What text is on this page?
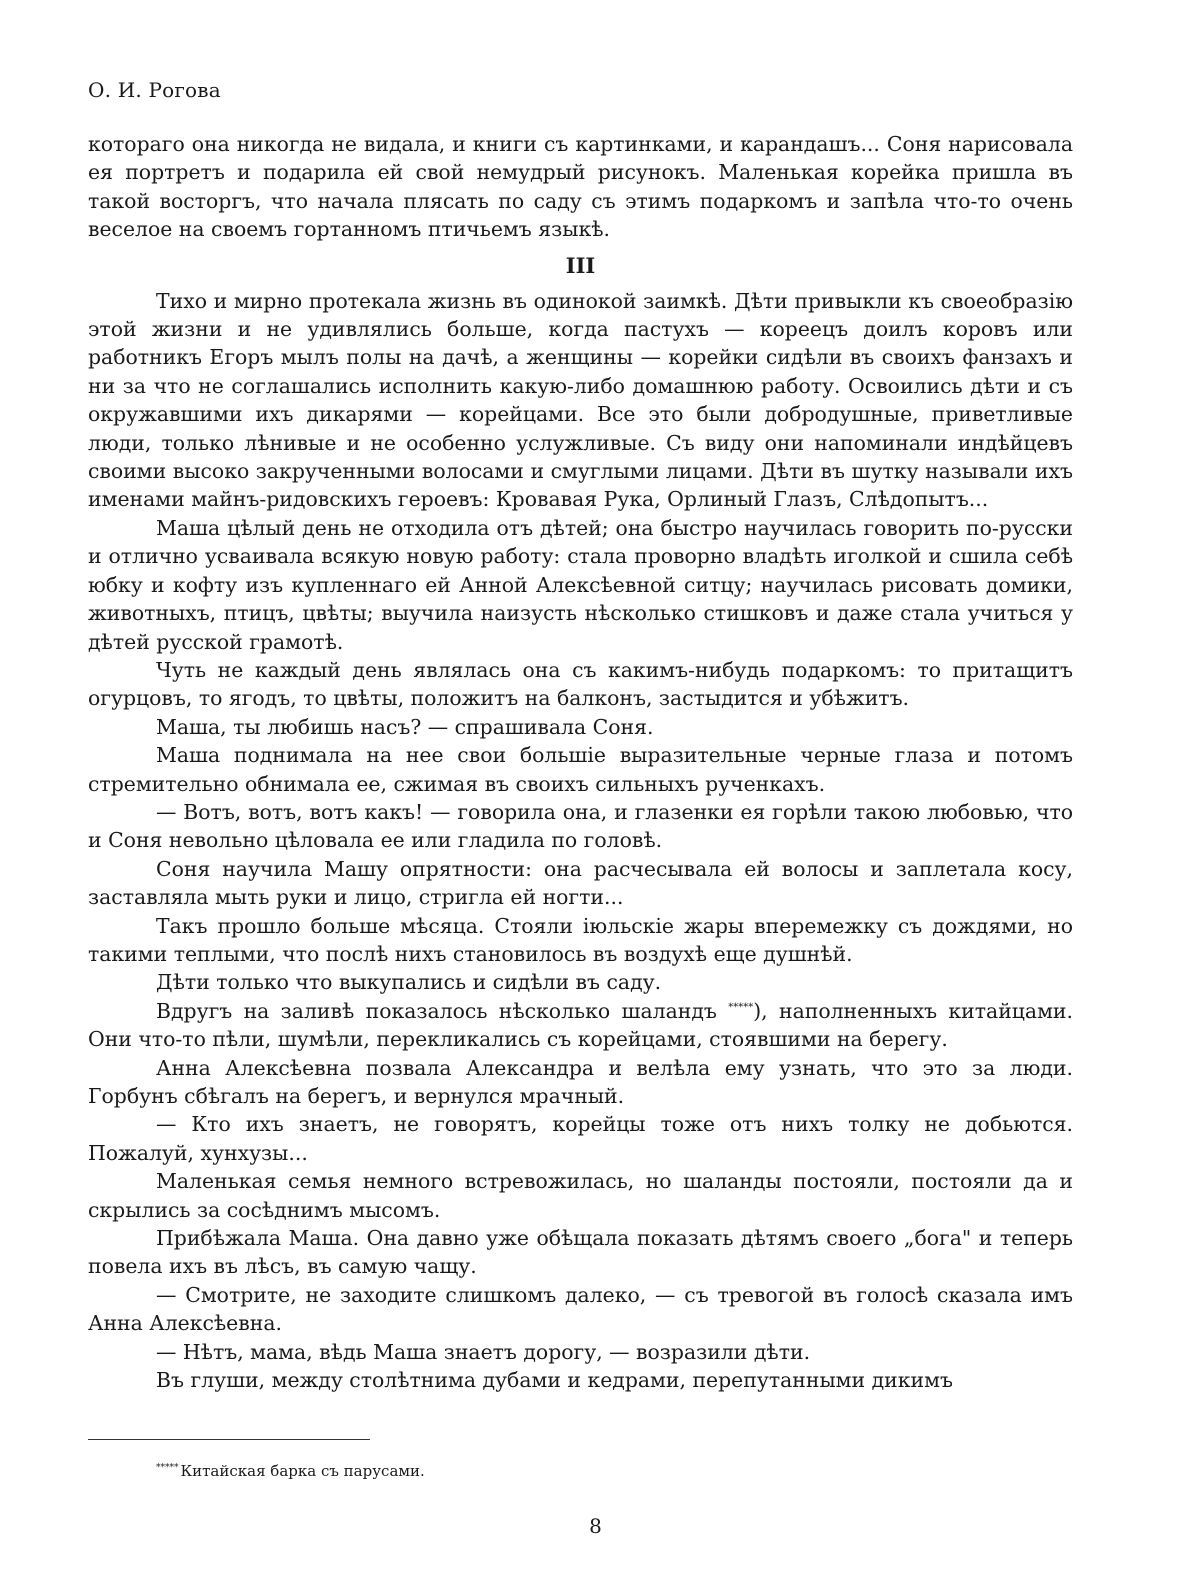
О. И. Рогова

котораго она никогда не видала, и книги съ картинками, и карандашъ... Соня нарисовала ея портретъ и подарила ей свой немудрый рисунокъ. Маленькая корейка пришла въ такой восторгъ, что начала плясать по саду съ этимъ подаркомъ и запѣла что-то очень веселое на своемъ гортанномъ птичьемъ языкѣ.

III

Тихо и мирно протекала жизнь въ одинокой заимкѣ. Дѣти привыкли къ своеобразію этой жизни и не удивлялись больше, когда пастухъ — кореецъ доилъ коровъ или работникъ Егоръ мылъ полы на дачѣ, а женщины — корейки сидѣли въ своихъ фанзахъ и ни за что не соглашались исполнить какую-либо домашнюю работу. Освоились дѣти и съ окружавшими ихъ дикарями — корейцами. Все это были добродушные, приветливые люди, только лѣнивые и не особенно услужливые. Съ виду они напоминали индѣйцевъ своими высоко закрученными волосами и смуглыми лицами. Дѣти въ шутку называли ихъ именами майнъ-ридовскихъ героевъ: Кровавая Рука, Орлиный Глазъ, Слѣдопытъ...

Маша цѣлый день не отходила отъ дѣтей; она быстро научилась говорить по-русски и отлично усваивала всякую новую работу: стала проворно владѣть иголкой и сшила себѣ юбку и кофту изъ купленнаго ей Анной Алексѣевной ситцу; научилась рисовать домики, животныхъ, птицъ, цвѣты; выучила наизусть нѣсколько стишковъ и даже стала учиться у дѣтей русской грамотѣ.

Чуть не каждый день являлась она съ какимъ-нибудь подаркомъ: то притащитъ огурцовъ, то ягодъ, то цвѣты, положитъ на балконъ, застыдится и убѣжитъ.

Маша, ты любишь насъ? — спрашивала Соня.

Маша поднимала на нее свои большіе выразительные черные глаза и потомъ стремительно обнимала ее, сжимая въ своихъ сильныхъ рученкахъ.

— Вотъ, вотъ, вотъ какъ! — говорила она, и глазенки ея горѣли такою любовью, что и Соня невольно цѣловала ее или гладила по головѣ.

Соня научила Машу опрятности: она расчесывала ей волосы и заплетала косу, заставляла мыть руки и лицо, стригла ей ногти...

Такъ прошло больше мѣсяца. Стояли іюльскіе жары вперемежку съ дождями, но такими теплыми, что послѣ нихъ становилось въ воздухѣ еще душнѣй.

Дѣти только что выкупались и сидѣли въ саду.

Вдругъ на заливѣ показалось нѣсколько шаландъ *****), наполненныхъ китайцами. Они что-то пѣли, шумѣли, перекликались съ корейцами, стоявшими на берегу.

Анна Алексѣевна позвала Александра и велѣла ему узнать, что это за люди. Горбунъ сбѣгалъ на берегъ, и вернулся мрачный.

— Кто ихъ знаетъ, не говорятъ, корейцы тоже отъ нихъ толку не добьются. Пожалуй, хунхузы...

Маленькая семья немного встревожилась, но шаланды постояли, постояли да и скрылись за сосѣднимъ мысомъ.

Прибѣжала Маша. Она давно уже обѣщала показать дѣтямъ своего „бога" и теперь повела ихъ въ лѣсъ, въ самую чащу.

— Смотрите, не заходите слишкомъ далеко, — съ тревогой въ голосѣ сказала имъ Анна Алексѣевна.

— Нѣтъ, мама, вѣдь Маша знаетъ дорогу, — возразили дѣти.

Въ глуши, между столѣтнима дубами и кедрами, перепутанными дикимъ

***** Китайская барка съ парусами.
8
